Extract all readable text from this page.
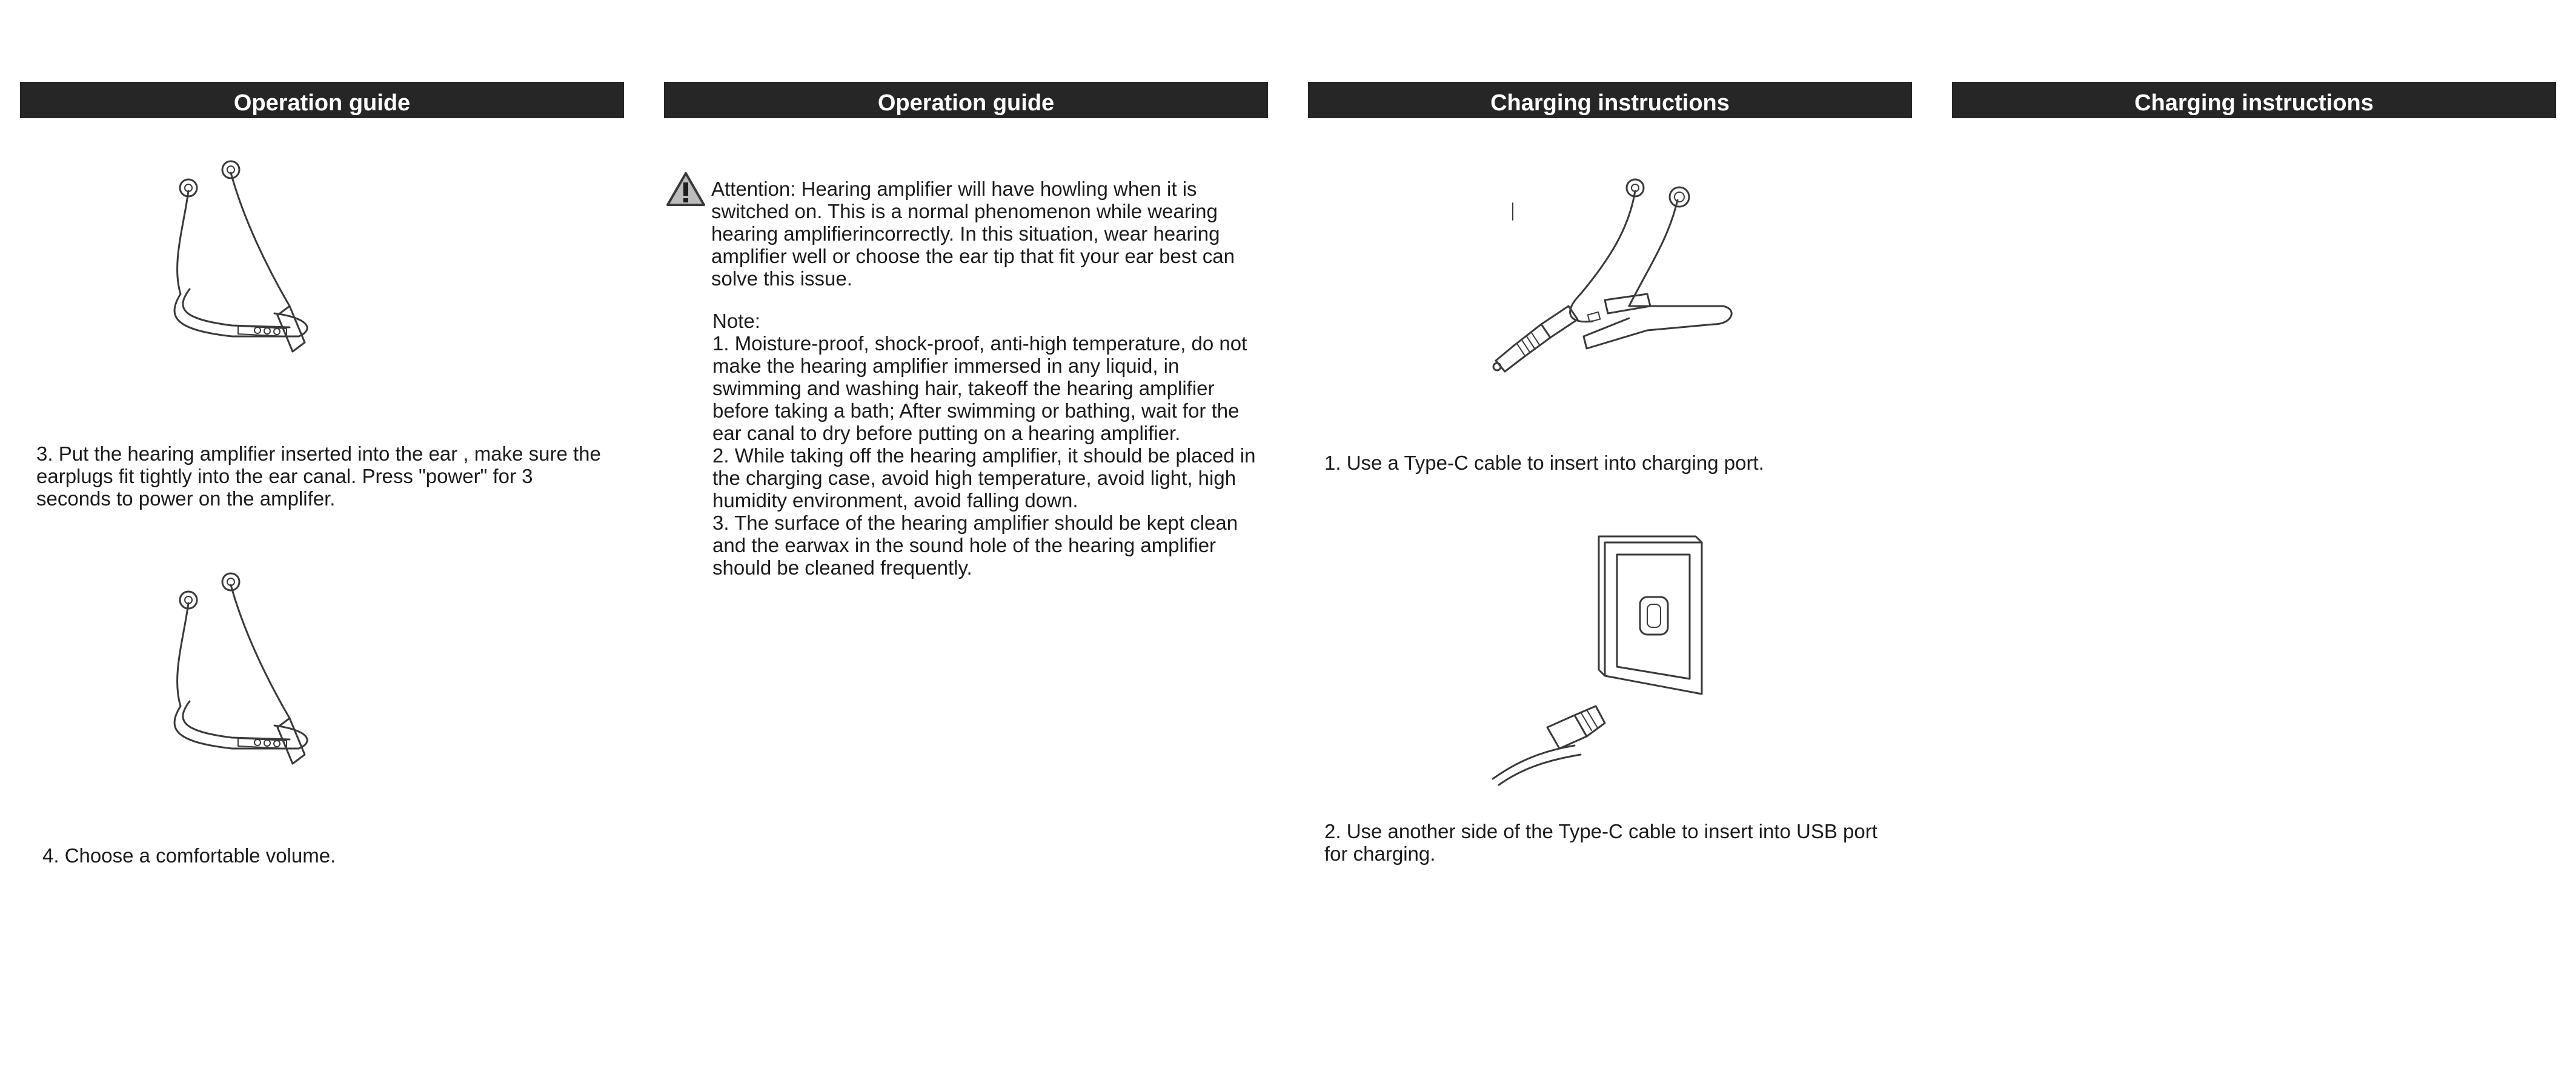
Operation guide
3. Put the hearing amplifier inserted into the ear , make sure the earplugs fit tightly into the ear canal. Press "power" for 3 seconds to power on the amplifer.
4. Choose a comfortable volume.
Operation guide
Attention: Hearing amplifier will have howling when it is switched on. This is a normal phenomenon while wearing hearing amplifierincorrectly. In this situation, wear hearing amplifier well or choose the ear tip that fit your ear best can solve this issue.
Note:
1. Moisture-proof, shock-proof, anti-high temperature, do not make the hearing amplifier immersed in any liquid, in swimming and washing hair, takeoff the hearing amplifier before taking a bath; After swimming or bathing, wait for the ear canal to dry before putting on a hearing amplifier.
2. While taking off the hearing amplifier, it should be placed in the charging case, avoid high temperature, avoid light, high humidity environment, avoid falling down.
3. The surface of the hearing amplifier should be kept clean and the earwax in the sound hole of the hearing amplifier should be cleaned frequently.
Charging instructions
1. Use a Type-C cable to insert into charging port.
2. Use another side of the Type-C cable to insert into USB port for charging.
Charging instructions
